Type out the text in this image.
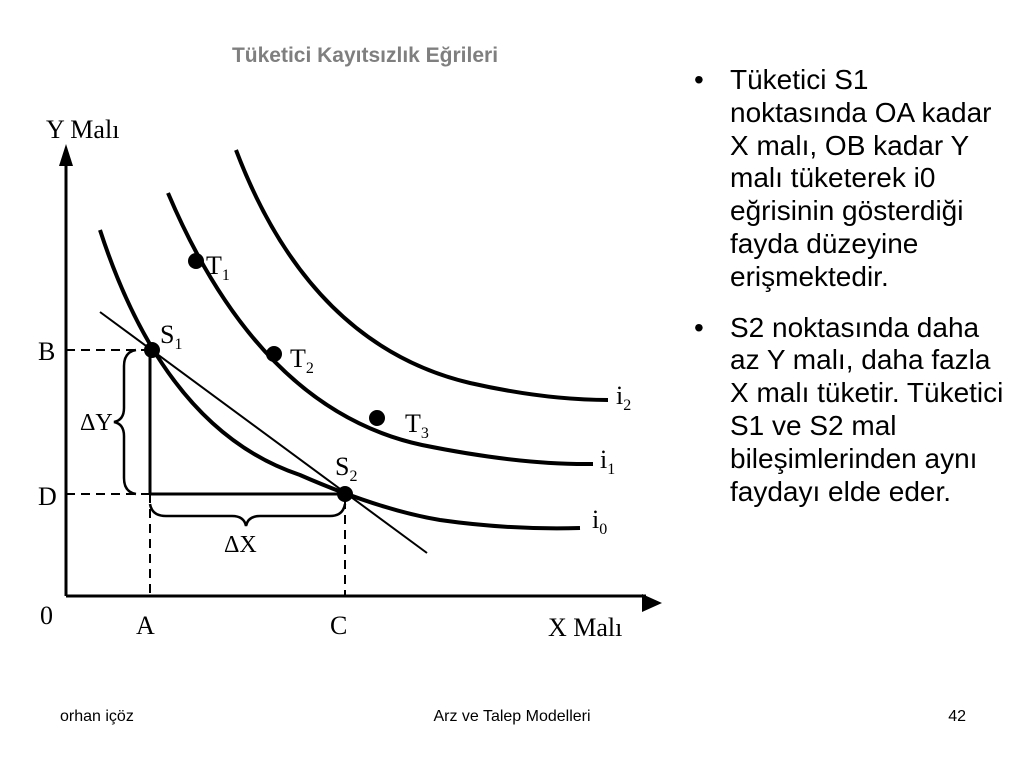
Tüketici Kayıtsızlık Eğrileri
Y Malı
X Malı
0
B
D
A	C
ΔY
ΔX
$S_1$
$S_2$
$T_1$
$T_2$
$T_3$
$i_0$
$i_1$
$i_2$
• Tüketici S1 noktasında OA kadar X malı, OB kadar Y malı tüketerek i0 eğrisinin gösterdiği fayda düzeyine erişmektedir.
• S2 noktasında daha az Y malı, daha fazla X malı tüketir. Tüketici S1 ve S2 mal bileşimlerinden aynı faydayı elde eder.
orhan içöz	Arz ve Talep Modelleri	42
